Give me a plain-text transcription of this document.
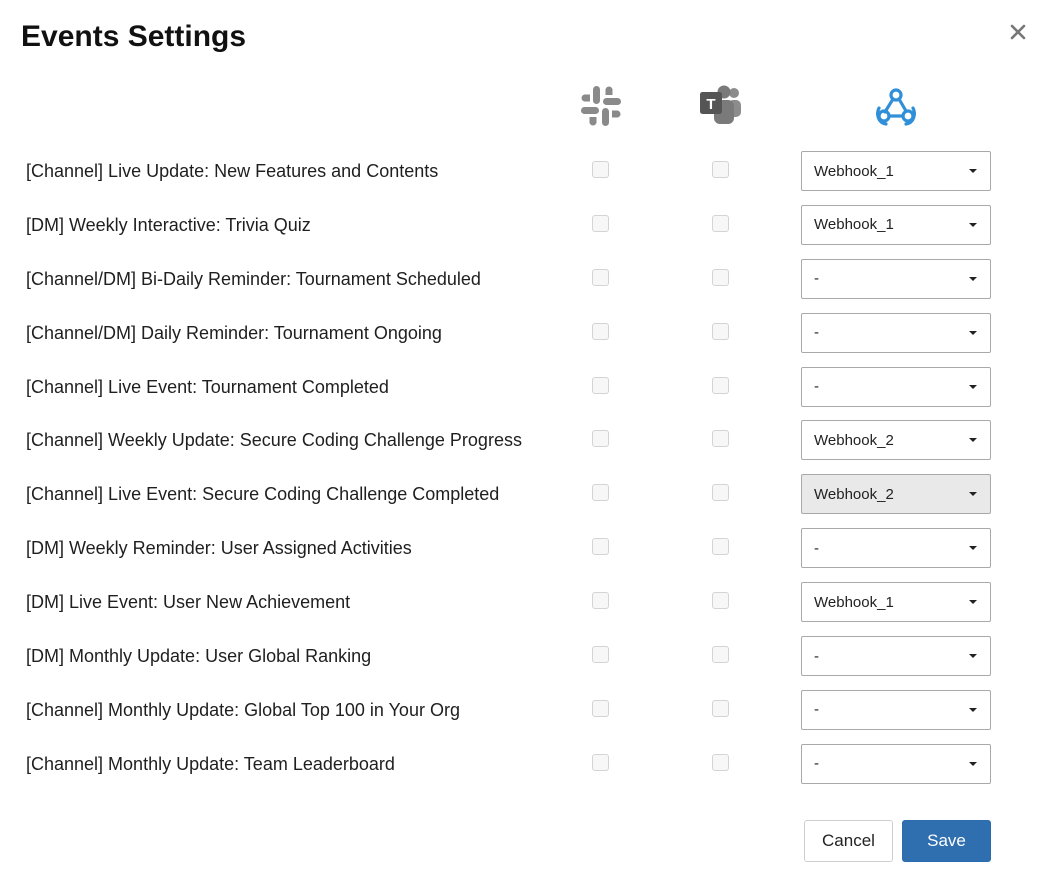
Events Settings
T
[Channel] Live Update: New Features and Contents	Webhook_1
[DM] Weekly Interactive: Trivia Quiz	Webhook_1
[Channel/DM] Bi-Daily Reminder: Tournament Scheduled	-
[Channel/DM] Daily Reminder: Tournament Ongoing	-
[Channel] Live Event: Tournament Completed	-
[Channel] Weekly Update: Secure Coding Challenge Progress	Webhook_2
[Channel] Live Event: Secure Coding Challenge Completed	Webhook_2
[DM] Weekly Reminder: User Assigned Activities	-
[DM] Live Event: User New Achievement	Webhook_1
[DM] Monthly Update: User Global Ranking	-
[Channel] Monthly Update: Global Top 100 in Your Org	-
[Channel] Monthly Update: Team Leaderboard	-
Cancel	Save
